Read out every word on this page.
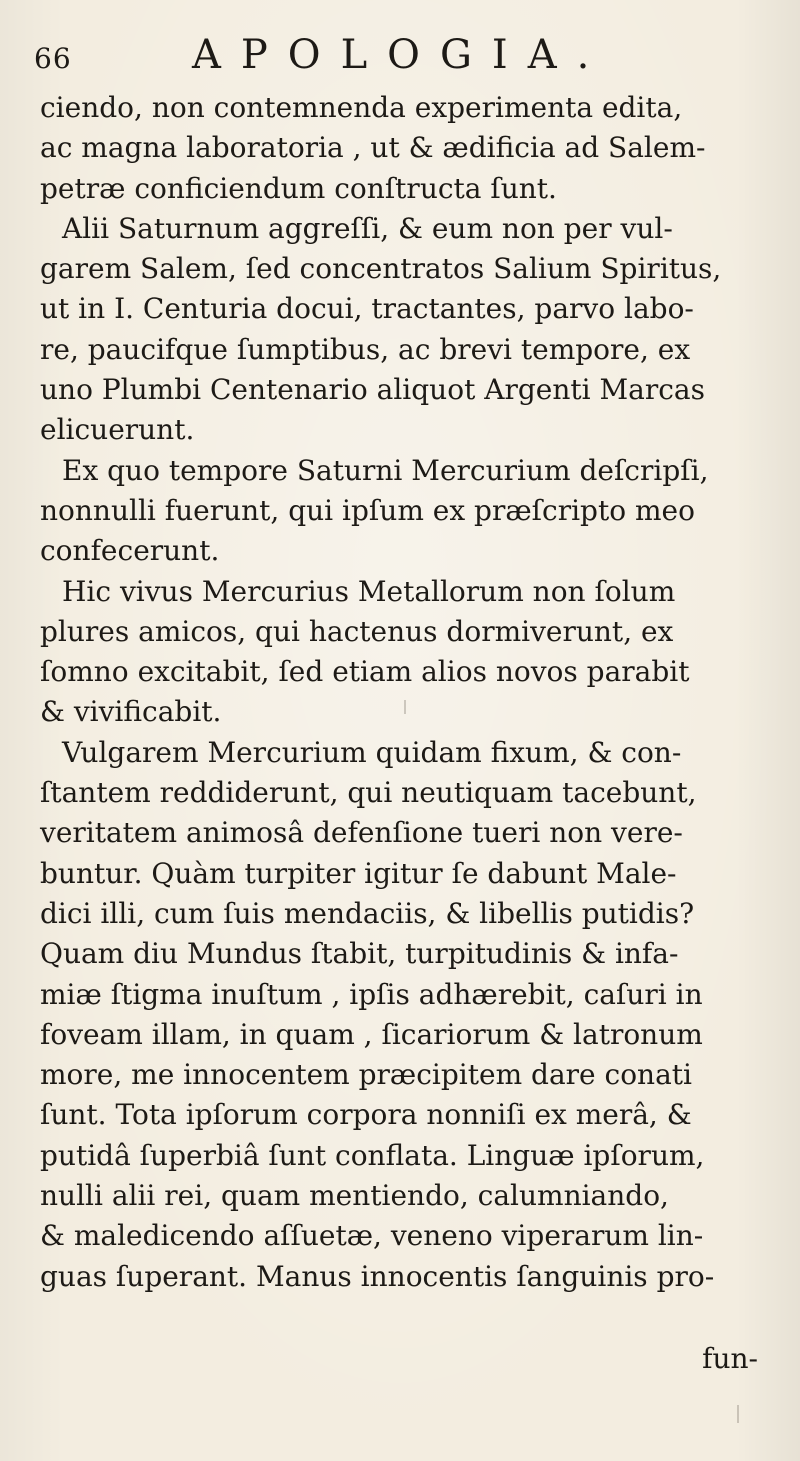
66	APOLOGIA.
ciendo, non contemnenda experimenta edita,
ac magna laboratoria , ut & ædificia ad Salem-
petræ conficiendum conſtructa ſunt.
Alii Saturnum aggreſſi, & eum non per vul-
garem Salem, ſed concentratos Salium Spiritus,
ut in I. Centuria docui, tractantes, parvo labo-
re, paucifque ſumptibus, ac brevi tempore, ex
uno Plumbi Centenario aliquot Argenti Marcas
elicuerunt.
Ex quo tempore Saturni Mercurium deſcripſi,
nonnulli fuerunt, qui ipſum ex præſcripto meo
confecerunt.
Hic vivus Mercurius Metallorum non ſolum
plures amicos, qui hactenus dormiverunt, ex
ſomno excitabit, ſed etiam alios novos parabit
& vivificabit.
Vulgarem Mercurium quidam fixum, & con-
ſtantem reddiderunt, qui neutiquam tacebunt,
veritatem animosâ defenſione tueri non vere-
buntur. Quàm turpiter igitur ſe dabunt Male-
dici illi, cum ſuis mendaciis, & libellis putidis?
Quam diu Mundus ſtabit, turpitudinis & infa-
miæ ſtigma inuſtum , ipſis adhærebit, caſuri in
foveam illam, in quam , ſicariorum & latronum
more, me innocentem præcipitem dare conati
ſunt. Tota ipſorum corpora nonniſi ex merâ, &
putidâ ſuperbiâ ſunt conflata. Linguæ ipſorum,
nulli alii rei, quam mentiendo, calumniando,
& maledicendo aſſuetæ, veneno viperarum lin-
guas ſuperant. Manus innocentis ſanguinis pro-
fun-
